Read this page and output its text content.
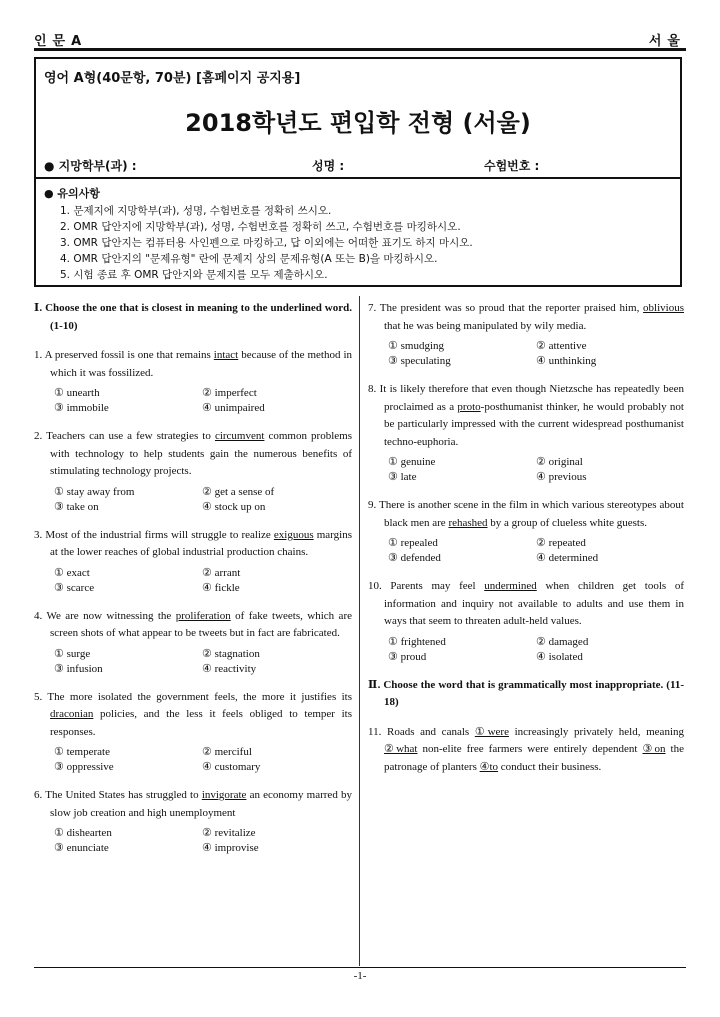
인문A	서울
영어 A형(40문항, 70분) [홈페이지 공지용]
2018학년도 편입학 전형 (서울)
● 지망학부(과) :	성명 :	수험번호 :
● 유의사항
1. 문제지에 지망학부(과), 성명, 수험번호를 정확히 쓰시오.
2. OMR 답안지에 지망학부(과), 성명, 수험번호를 정확히 쓰고, 수험번호를 마킹하시오.
3. OMR 답안지는 컴퓨터용 사인펜으로 마킹하고, 답 이외에는 어떠한 표기도 하지 마시오.
4. OMR 답안지의 "문제유형" 란에 문제지 상의 문제유형(A 또는 B)을 마킹하시오.
5. 시험 종료 후 OMR 답안지와 문제지를 모두 제출하시오.
Ⅰ. Choose the one that is closest in meaning to the underlined word. (1-10)
1. A preserved fossil is one that remains intact because of the method in which it was fossilized.
① unearth	② imperfect
③ immobile	④ unimpaired
2. Teachers can use a few strategies to circumvent common problems with technology to help students gain the numerous benefits of stimulating technology projects.
① stay away from	② get a sense of
③ take on	④ stock up on
3. Most of the industrial firms will struggle to realize exiguous margins at the lower reaches of global industrial production chains.
① exact	② arrant
③ scarce	④ fickle
4. We are now witnessing the proliferation of fake tweets, which are screen shots of what appear to be tweets but in fact are fabricated.
① surge	② stagnation
③ infusion	④ reactivity
5. The more isolated the government feels, the more it justifies its draconian policies, and the less it feels obliged to temper its responses.
① temperate	② merciful
③ oppressive	④ customary
6. The United States has struggled to invigorate an economy marred by slow job creation and high unemployment
① dishearten	② revitalize
③ enunciate	④ improvise
7. The president was so proud that the reporter praised him, oblivious that he was being manipulated by wily media.
① smudging	② attentive
③ speculating	④ unthinking
8. It is likely therefore that even though Nietzsche has repeatedly been proclaimed as a proto-posthumanist thinker, he would probably not be particularly impressed with the current widespread posthumanist techno-euphoria.
① genuine	② original
③ late	④ previous
9. There is another scene in the film in which various stereotypes about black men are rehashed by a group of clueless white guests.
① repealed	② repeated
③ defended	④ determined
10. Parents may feel undermined when children get tools of information and inquiry not available to adults and use them in ways that seem to threaten adult-held values.
① frightened	② damaged
③ proud	④ isolated
Ⅱ. Choose the word that is grammatically most inappropriate. (11-18)
11. Roads and canals ①were increasingly privately held, meaning ②what non-elite free farmers were entirely dependent ③on the patronage of planters ④to conduct their business.
-1-
